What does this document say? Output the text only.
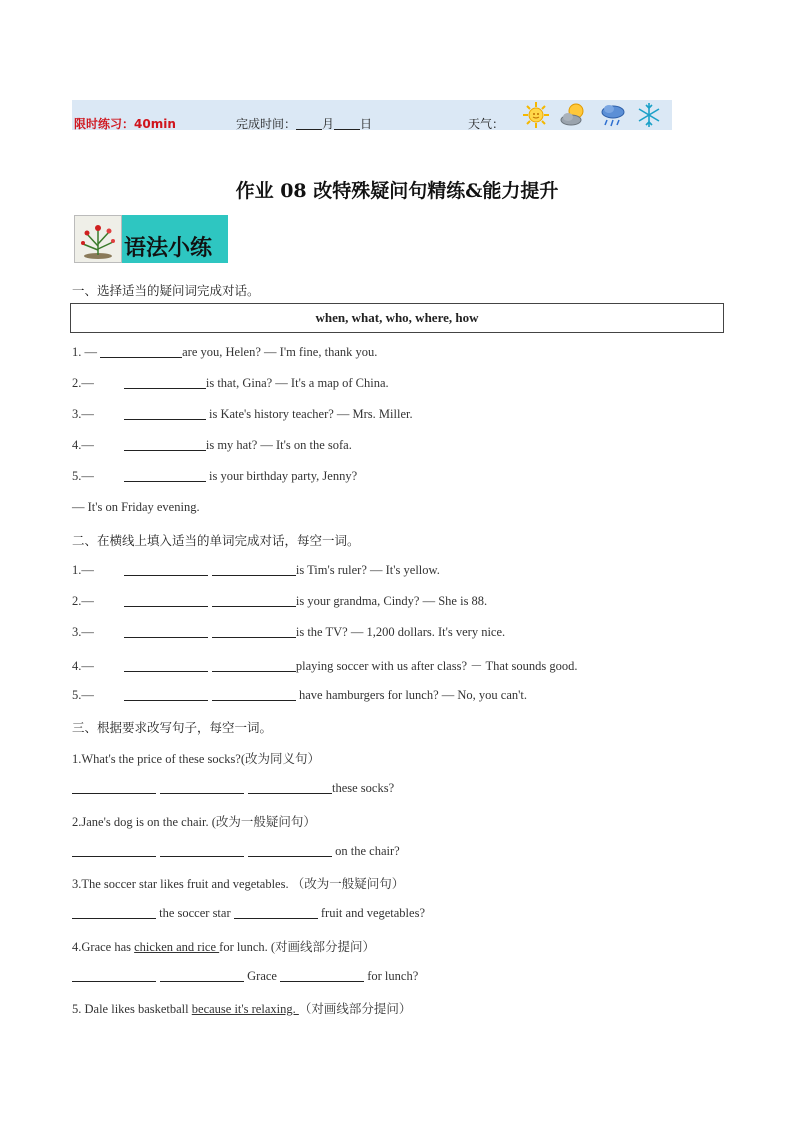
限时练习：40min	完成时间： 月 日	天气：
作业 08 改特殊疑问句精练&能力提升
语法小练
一、选择适当的疑问词完成对话。
when, what, who, where, how
1. —	are you, Helen? — I'm fine, thank you.
2.—	is that, Gina? — It's a map of China.
3.—	is Kate's history teacher? — Mrs. Miller.
4.—	is my hat? — It's on the sofa.
5.—	is your birthday party, Jenny?
— It's on Friday evening.
二、在横线上填入适当的单词完成对话，每空一词。
1.—	is Tim's ruler? — It's yellow.
2.—	is your grandma, Cindy? — She is 88.
3.—	is the TV? — 1,200 dollars. It's very nice.
4.—	playing soccer with us after class? － That sounds good.
5.—	have hamburgers for lunch? — No, you can't.
三、根据要求改写句子，每空一词。
1.What's the price of these socks?(改为同义句）
these socks?
2.Jane's dog is on the chair. (改为一般疑问句）
on the chair?
3.The soccer star likes fruit and vegetables. （改为一般疑问句）
the soccer star	fruit and vegetables?
4.Grace has chicken and rice for lunch. (对画线部分提问）
Grace	for lunch?
5. Dale likes basketball because it's relaxing. （对画线部分提问）
